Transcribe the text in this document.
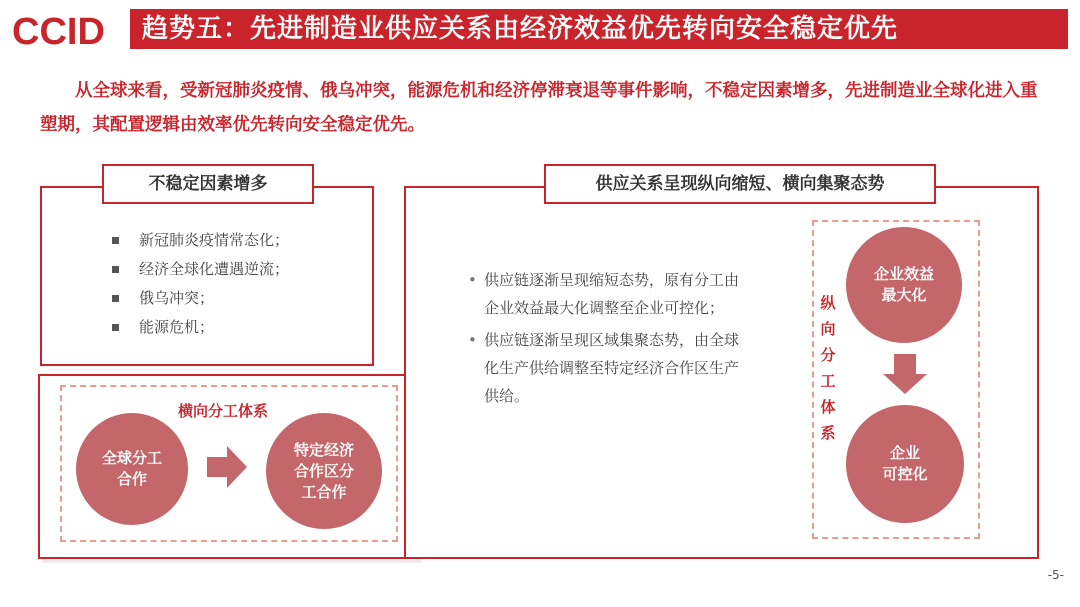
CCID	趋势五：先进制造业供应关系由经济效益优先转向安全稳定优先
从全球来看，受新冠肺炎疫情、俄乌冲突，能源危机和经济停滞衰退等事件影响，不稳定因素增多，先进制造业全球化进入重塑期，其配置逻辑由效率优先转向安全稳定优先。
不稳定因素增多
新冠肺炎疫情常态化；
经济全球化遭遇逆流；
俄乌冲突；
能源危机；
横向分工体系
全球分工
合作
特定经济
合作区分
工合作
供应关系呈现纵向缩短、横向集聚态势
• 供应链逐渐呈现缩短态势，原有分工由企业效益最大化调整至企业可控化；
• 供应链逐渐呈现区域集聚态势，由全球化生产供给调整至特定经济合作区生产供给。
纵
向
分
工
体
系
企业效益
最大化
企业
可控化
-5-
